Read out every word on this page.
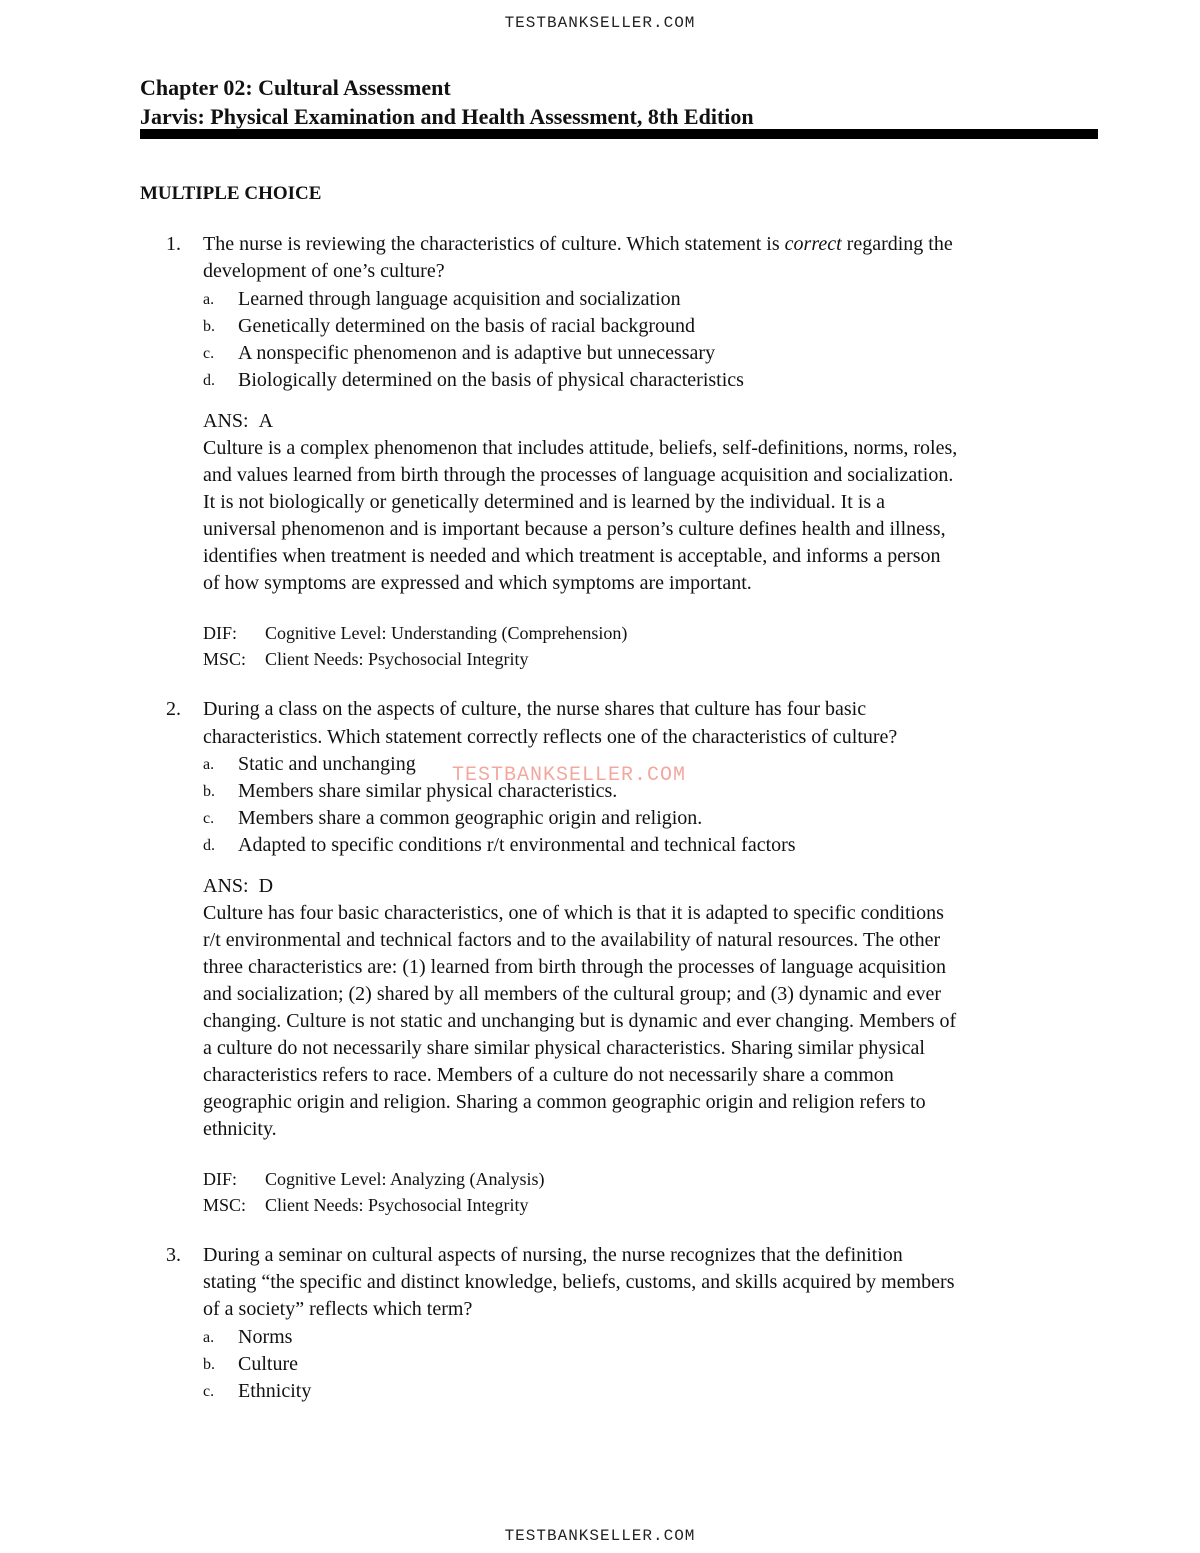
TESTBANKSELLER.COM
Chapter 02: Cultural Assessment
Jarvis: Physical Examination and Health Assessment, 8th Edition
MULTIPLE CHOICE
1.	The nurse is reviewing the characteristics of culture. Which statement is correct regarding the
development of one’s culture?
a. Learned through language acquisition and socialization
b. Genetically determined on the basis of racial background
c. A nonspecific phenomenon and is adaptive but unnecessary
d. Biologically determined on the basis of physical characteristics
ANS: A
Culture is a complex phenomenon that includes attitude, beliefs, self-definitions, norms, roles,
and values learned from birth through the processes of language acquisition and socialization.
It is not biologically or genetically determined and is learned by the individual. It is a
universal phenomenon and is important because a person’s culture defines health and illness,
identifies when treatment is needed and which treatment is acceptable, and informs a person
of how symptoms are expressed and which symptoms are important.
DIF: Cognitive Level: Understanding (Comprehension)
MSC: Client Needs: Psychosocial Integrity
2.	During a class on the aspects of culture, the nurse shares that culture has four basic
characteristics. Which statement correctly reflects one of the characteristics of culture?
a. Static and unchanging
b. Members share similar physical characteristics.
c. Members share a common geographic origin and religion.
d. Adapted to specific conditions r/t environmental and technical factors
ANS: D
Culture has four basic characteristics, one of which is that it is adapted to specific conditions
r/t environmental and technical factors and to the availability of natural resources. The other
three characteristics are: (1) learned from birth through the processes of language acquisition
and socialization; (2) shared by all members of the cultural group; and (3) dynamic and ever
changing. Culture is not static and unchanging but is dynamic and ever changing. Members of
a culture do not necessarily share similar physical characteristics. Sharing similar physical
characteristics refers to race. Members of a culture do not necessarily share a common
geographic origin and religion. Sharing a common geographic origin and religion refers to
ethnicity.
DIF: Cognitive Level: Analyzing (Analysis)
MSC: Client Needs: Psychosocial Integrity
3.	During a seminar on cultural aspects of nursing, the nurse recognizes that the definition
stating “the specific and distinct knowledge, beliefs, customs, and skills acquired by members
of a society” reflects which term?
a. Norms
b. Culture
c. Ethnicity
TESTBANKSELLER.COM
TESTBANKSELLER.COM
